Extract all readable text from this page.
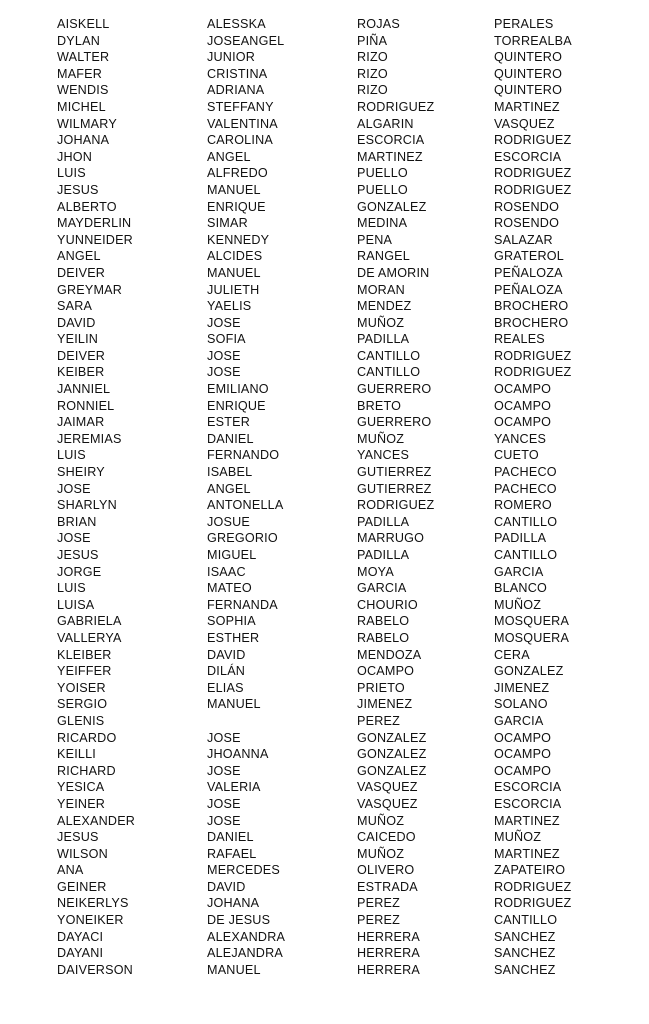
AISKELL	ALESSKA	ROJAS	PERALES
DYLAN	JOSEANGEL	PIÑA	TORREALBA
WALTER	JUNIOR	RIZO	QUINTERO
MAFER	CRISTINA	RIZO	QUINTERO
WENDIS	ADRIANA	RIZO	QUINTERO
MICHEL	STEFFANY	RODRIGUEZ	MARTINEZ
WILMARY	VALENTINA	ALGARIN	VASQUEZ
JOHANA	CAROLINA	ESCORCIA	RODRIGUEZ
JHON	ANGEL	MARTINEZ	ESCORCIA
LUIS	ALFREDO	PUELLO	RODRIGUEZ
JESUS	MANUEL	PUELLO	RODRIGUEZ
ALBERTO	ENRIQUE	GONZALEZ	ROSENDO
MAYDERLIN	SIMAR	MEDINA	ROSENDO
YUNNEIDER	KENNEDY	PENA	SALAZAR
ANGEL	ALCIDES	RANGEL	GRATEROL
DEIVER	MANUEL	DE AMORIN	PEÑALOZA
GREYMAR	JULIETH	MORAN	PEÑALOZA
SARA	YAELIS	MENDEZ	BROCHERO
DAVID	JOSE	MUÑOZ	BROCHERO
YEILIN	SOFIA	PADILLA	REALES
DEIVER	JOSE	CANTILLO	RODRIGUEZ
KEIBER	JOSE	CANTILLO	RODRIGUEZ
JANNIEL	EMILIANO	GUERRERO	OCAMPO
RONNIEL	ENRIQUE	BRETO	OCAMPO
JAIMAR	ESTER	GUERRERO	OCAMPO
JEREMIAS	DANIEL	MUÑOZ	YANCES
LUIS	FERNANDO	YANCES	CUETO
SHEIRY	ISABEL	GUTIERREZ	PACHECO
JOSE	ANGEL	GUTIERREZ	PACHECO
SHARLYN	ANTONELLA	RODRIGUEZ	ROMERO
BRIAN	JOSUE	PADILLA	CANTILLO
JOSE	GREGORIO	MARRUGO	PADILLA
JESUS	MIGUEL	PADILLA	CANTILLO
JORGE	ISAAC	MOYA	GARCIA
LUIS	MATEO	GARCIA	BLANCO
LUISA	FERNANDA	CHOURIO	MUÑOZ
GABRIELA	SOPHIA	RABELO	MOSQUERA
VALLERYA	ESTHER	RABELO	MOSQUERA
KLEIBER	DAVID	MENDOZA	CERA
YEIFFER	DILÁN	OCAMPO	GONZALEZ
YOISER	ELIAS	PRIETO	JIMENEZ
SERGIO	MANUEL	JIMENEZ	SOLANO
GLENIS		PEREZ	GARCIA
RICARDO	JOSE	GONZALEZ	OCAMPO
KEILLI	JHOANNA	GONZALEZ	OCAMPO
RICHARD	JOSE	GONZALEZ	OCAMPO
YESICA	VALERIA	VASQUEZ	ESCORCIA
YEINER	JOSE	VASQUEZ	ESCORCIA
ALEXANDER	JOSE	MUÑOZ	MARTINEZ
JESUS	DANIEL	CAICEDO	MUÑOZ
WILSON	RAFAEL	MUÑOZ	MARTINEZ
ANA	MERCEDES	OLIVERO	ZAPATEIRO
GEINER	DAVID	ESTRADA	RODRIGUEZ
NEIKERLYS	JOHANA	PEREZ	RODRIGUEZ
YONEIKER	DE JESUS	PEREZ	CANTILLO
DAYACI	ALEXANDRA	HERRERA	SANCHEZ
DAYANI	ALEJANDRA	HERRERA	SANCHEZ
DAIVERSON	MANUEL	HERRERA	SANCHEZ
